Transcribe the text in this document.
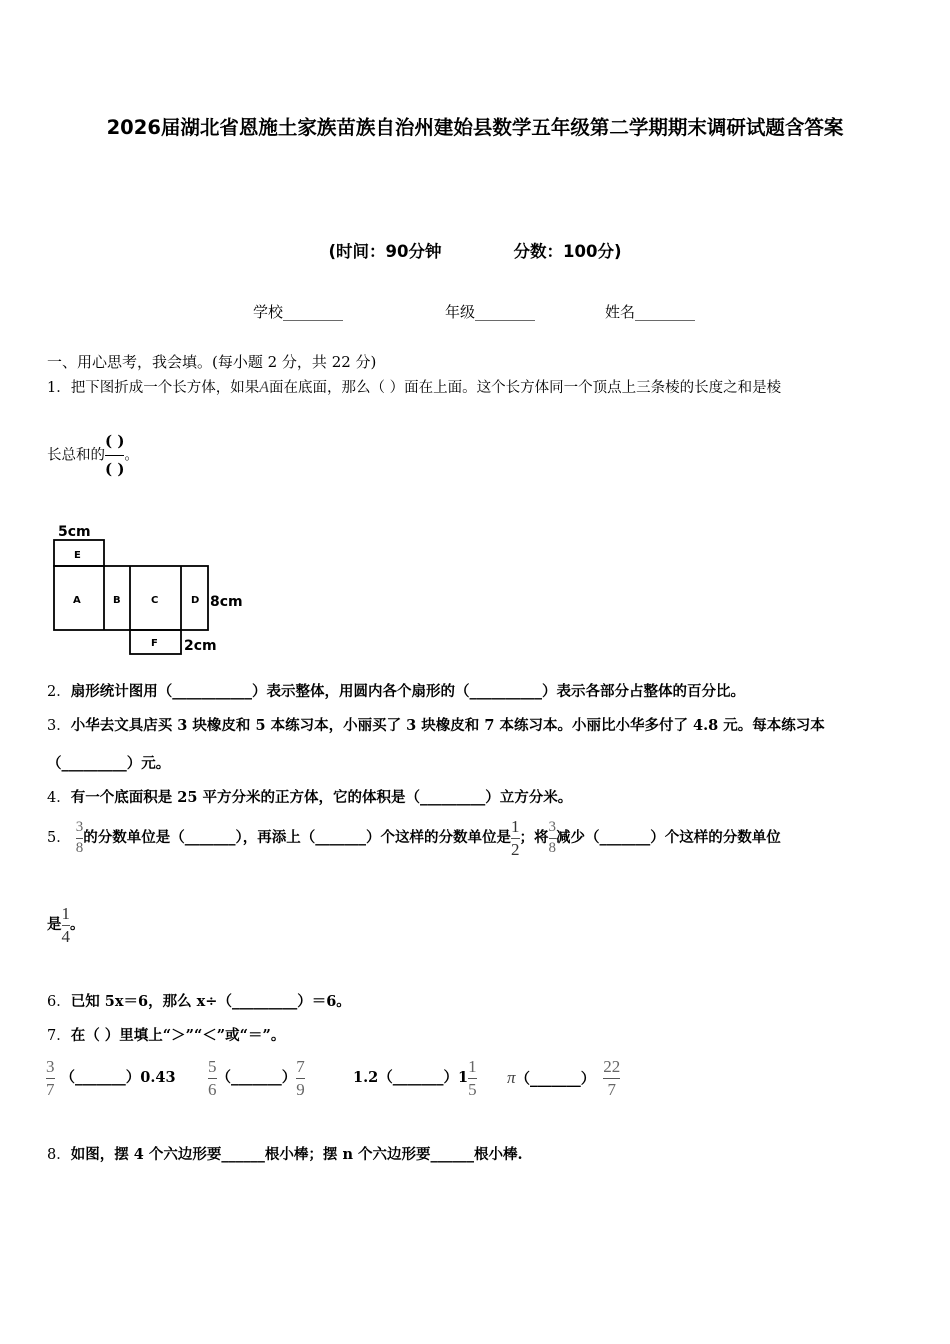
2026届湖北省恩施土家族苗族自治州建始县数学五年级第二学期期末调研试题含答案
(时间：90分钟	分数：100分)
学校________	年级________	姓名________
一、用心思考，我会填。(每小题 2 分，共 22 分)
1．把下图折成一个长方体，如果A面在底面，那么（ ）面在上面。这个长方体同一个顶点上三条棱的长度之和是棱
长总和的
( )
( )
。
5cm
8cm
2cm
E
A	B	C	D
F
2．扇形统计图用（___________）表示整体，用圆内各个扇形的（__________）表示各部分占整体的百分比。
3．小华去文具店买 3 块橡皮和 5 本练习本，小丽买了 3 块橡皮和 7 本练习本。小丽比小华多付了 4.8 元。每本练习本
（_________）元。
4．有一个底面积是 25 平方分米的正方体，它的体积是（_________）立方分米。
5． $\frac{3}{8}$ 的分数单位是（_______），再添上（_______）个这样的分数单位是 $\frac{1}{2}$ ；将 $\frac{3}{8}$ 减少（_______）个这样的分数单位
是 $\frac{1}{4}$ 。
6．已知 5x＝6，那么 x÷（_________）＝6。
7．在（ ）里填上“＞”“＜”或“＝”。
$\frac{3}{7}$ （_______）0.43 $\frac{5}{6}$ （_______） $\frac{7}{9}$	1.2（_______）1 $\frac{1}{5}$ π（_______） $\frac{22}{7}$
8．如图，摆 4 个六边形要______根小棒；摆 n 个六边形要______根小棒.
